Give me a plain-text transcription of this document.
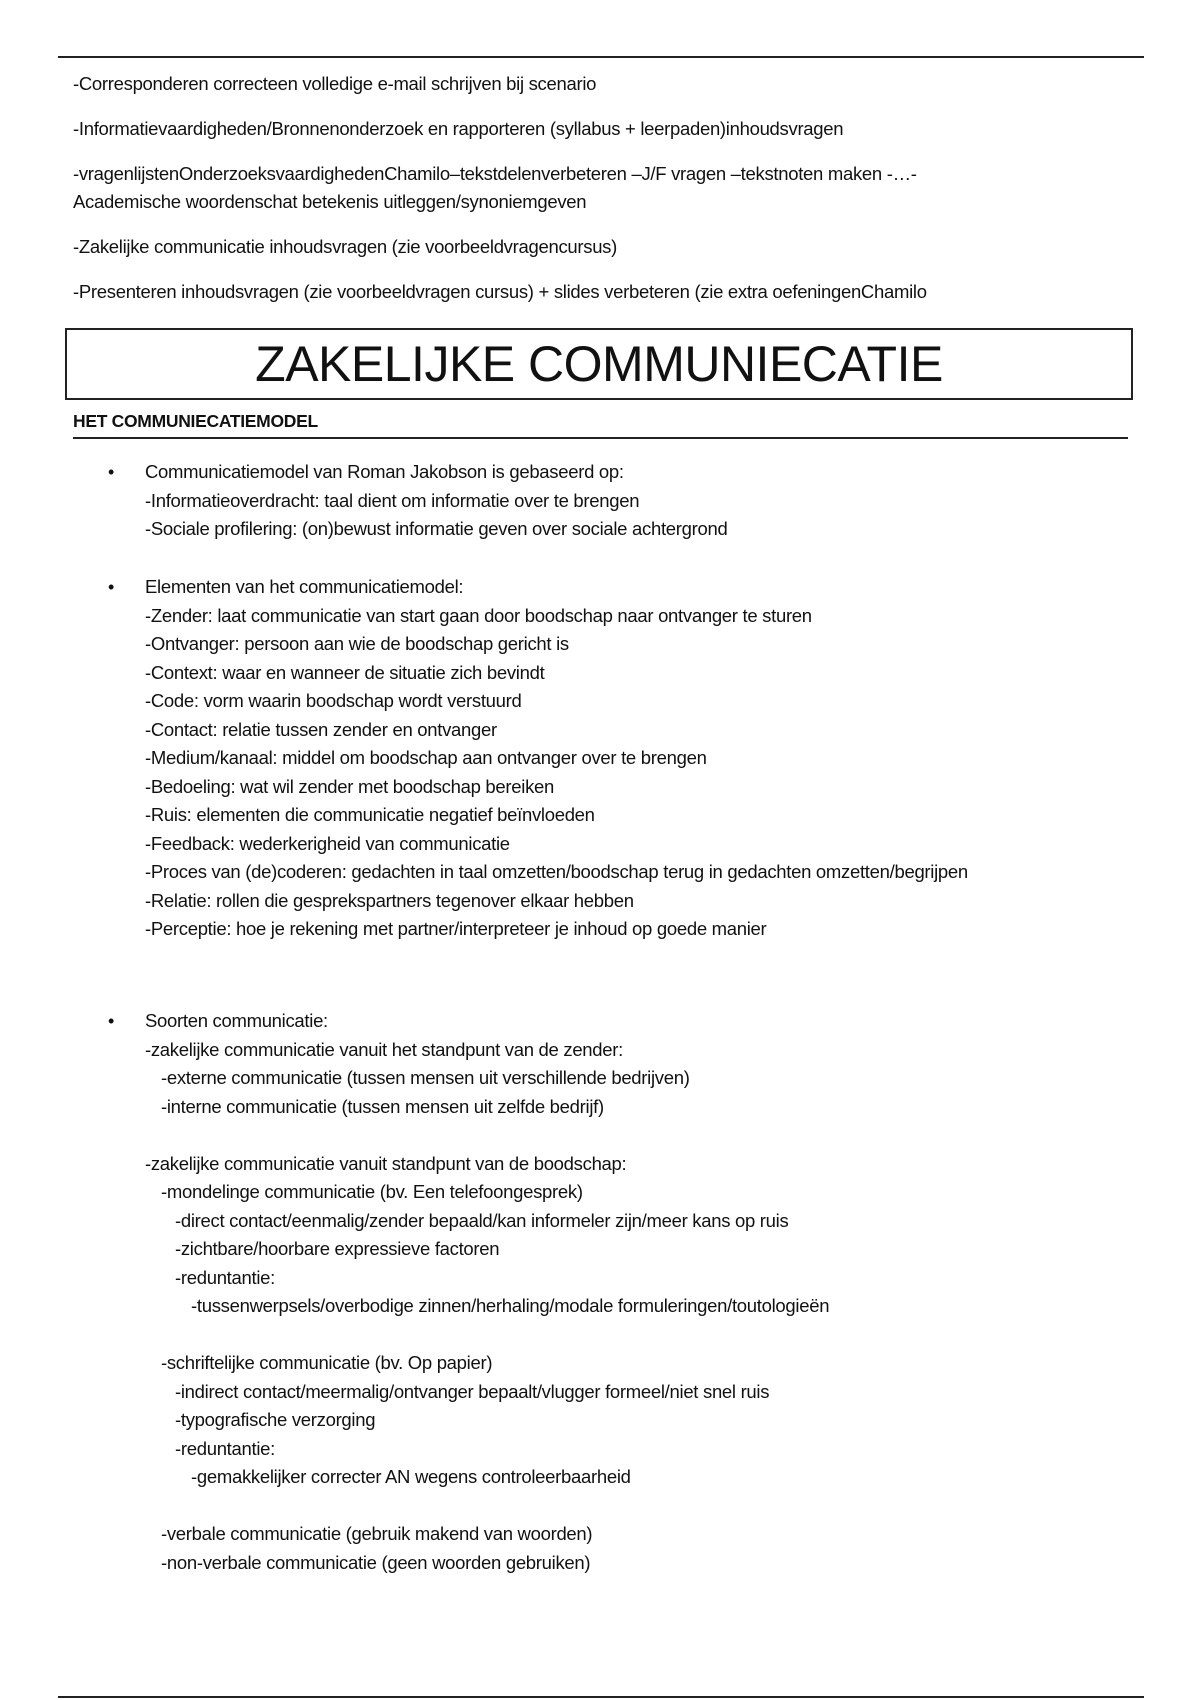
-Corresponderen correcteen volledige e-mail schrijven bij scenario

-Informatievaardigheden/Bronnenonderzoek en rapporteren (syllabus + leerpaden)inhoudsvragen

-vragenlijstenOnderzoeksvaardighedenChamilo–tekstdelenverbeteren –J/F vragen –tekstnoten maken -…-
Academische woordenschat betekenis uitleggen/synoniemgeven

-Zakelijke communicatie inhoudsvragen (zie voorbeeldvragencursus)

-Presenteren inhoudsvragen (zie voorbeeldvragen cursus) + slides verbeteren (zie extra oefeningenChamilo

ZAKELIJKE COMMUNIECATIE
HET COMMUNIECATIEMODEL
• Communicatiemodel van Roman Jakobson is gebaseerd op:
-Informatieoverdracht: taal dient om informatie over te brengen
-Sociale profilering: (on)bewust informatie geven over sociale achtergrond
• Elementen van het communicatiemodel:
-Zender: laat communicatie van start gaan door boodschap naar ontvanger te sturen
-Ontvanger: persoon aan wie de boodschap gericht is
-Context: waar en wanneer de situatie zich bevindt
-Code: vorm waarin boodschap wordt verstuurd
-Contact: relatie tussen zender en ontvanger
-Medium/kanaal: middel om boodschap aan ontvanger over te brengen
-Bedoeling: wat wil zender met boodschap bereiken
-Ruis: elementen die communicatie negatief beïnvloeden
-Feedback: wederkerigheid van communicatie
-Proces van (de)coderen: gedachten in taal omzetten/boodschap terug in gedachten omzetten/begrijpen
-Relatie: rollen die gesprekspartners tegenover elkaar hebben
-Perceptie: hoe je rekening met partner/interpreteer je inhoud op goede manier
• Soorten communicatie:
-zakelijke communicatie vanuit het standpunt van de zender:
-externe communicatie (tussen mensen uit verschillende bedrijven)
-interne communicatie (tussen mensen uit zelfde bedrijf)
-zakelijke communicatie vanuit standpunt van de boodschap:
-mondelinge communicatie (bv. Een telefoongesprek)
-direct contact/eenmalig/zender bepaald/kan informeler zijn/meer kans op ruis
-zichtbare/hoorbare expressieve factoren
-reduntantie:
-tussenwerpsels/overbodige zinnen/herhaling/modale formuleringen/toutologieën
-schriftelijke communicatie (bv. Op papier)
-indirect contact/meermalig/ontvanger bepaalt/vlugger formeel/niet snel ruis
-typografische verzorging
-reduntantie:
-gemakkelijker correcter AN wegens controleerbaarheid
-verbale communicatie (gebruik makend van woorden)
-non-verbale communicatie (geen woorden gebruiken)
